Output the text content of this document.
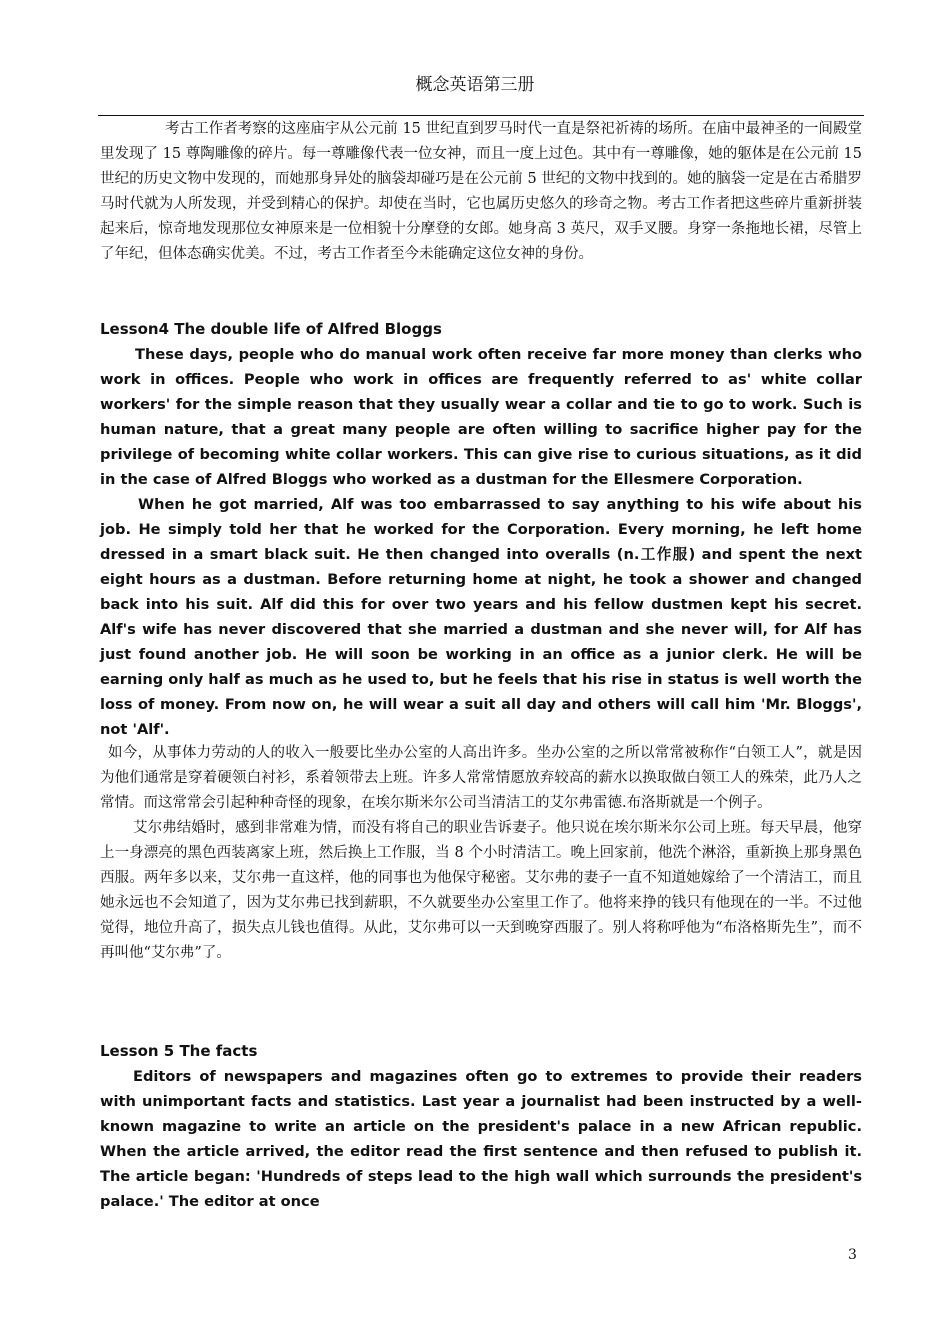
概念英语第三册

考古工作者考察的这座庙宇从公元前 15 世纪直到罗马时代一直是祭祀祈祷的场所。在庙中最神圣的一间殿堂里发现了 15 尊陶雕像的碎片。每一尊雕像代表一位女神，而且一度上过色。其中有一尊雕像，她的躯体是在公元前 15 世纪的历史文物中发现的，而她那身异处的脑袋却碰巧是在公元前 5 世纪的文物中找到的。她的脑袋一定是在古希腊罗马时代就为人所发现，并受到精心的保护。却使在当时，它也属历史悠久的珍奇之物。考古工作者把这些碎片重新拼装起来后，惊奇地发现那位女神原来是一位相貌十分摩登的女郎。她身高 3 英尺，双手叉腰。身穿一条拖地长裙，尽管上了年纪，但体态确实优美。不过，考古工作者至今未能确定这位女神的身份。

Lesson4 The double life of Alfred Bloggs

These days, people who do manual work often receive far more money than clerks who work in offices. People who work in offices are frequently referred to as' white collar workers' for the simple reason that they usually wear a collar and tie to go to work. Such is human nature, that a great many people are often willing to sacrifice higher pay for the privilege of becoming white collar workers. This can give rise to curious situations, as it did in the case of Alfred Bloggs who worked as a dustman for the Ellesmere Corporation.

When he got married, Alf was too embarrassed to say anything to his wife about his job. He simply told her that he worked for the Corporation. Every morning, he left home dressed in a smart black suit. He then changed into overalls (n.工作服) and spent the next eight hours as a dustman. Before returning home at night, he took a shower and changed back into his suit. Alf did this for over two years and his fellow dustmen kept his secret. Alf's wife has never discovered that she married a dustman and she never will, for Alf has just found another job. He will soon be working in an office as a junior clerk. He will be earning only half as much as he used to, but he feels that his rise in status is well worth the loss of money. From now on, he will wear a suit all day and others will call him 'Mr. Bloggs', not 'Alf'.

如今，从事体力劳动的人的收入一般要比坐办公室的人高出许多。坐办公室的之所以常常被称作“白领工人”，就是因为他们通常是穿着硬领白衬衫，系着领带去上班。许多人常常情愿放弃较高的薪水以换取做白领工人的殊荣，此乃人之常情。而这常常会引起种种奇怪的现象，在埃尔斯米尔公司当清洁工的艾尔弗雷德.布洛斯就是一个例子。

艾尔弗结婚时，感到非常难为情，而没有将自己的职业告诉妻子。他只说在埃尔斯米尔公司上班。每天早晨，他穿上一身漂亮的黑色西装离家上班，然后换上工作服，当 8 个小时清洁工。晚上回家前，他洗个淋浴，重新换上那身黑色西服。两年多以来，艾尔弗一直这样，他的同事也为他保守秘密。艾尔弗的妻子一直不知道她嫁给了一个清洁工，而且她永远也不会知道了，因为艾尔弗已找到薪职，不久就要坐办公室里工作了。他将来挣的钱只有他现在的一半。不过他觉得，地位升高了，损失点儿钱也值得。从此，艾尔弗可以一天到晚穿西服了。别人将称呼他为“布洛格斯先生”，而不再叫他“艾尔弗”了。

Lesson 5 The facts

Editors of newspapers and magazines often go to extremes to provide their readers with unimportant facts and statistics. Last year a journalist had been instructed by a well-known magazine to write an article on the president's palace in a new African republic. When the article arrived, the editor read the first sentence and then refused to publish it. The article began: 'Hundreds of steps lead to the high wall which surrounds the president's palace.' The editor at once

3
